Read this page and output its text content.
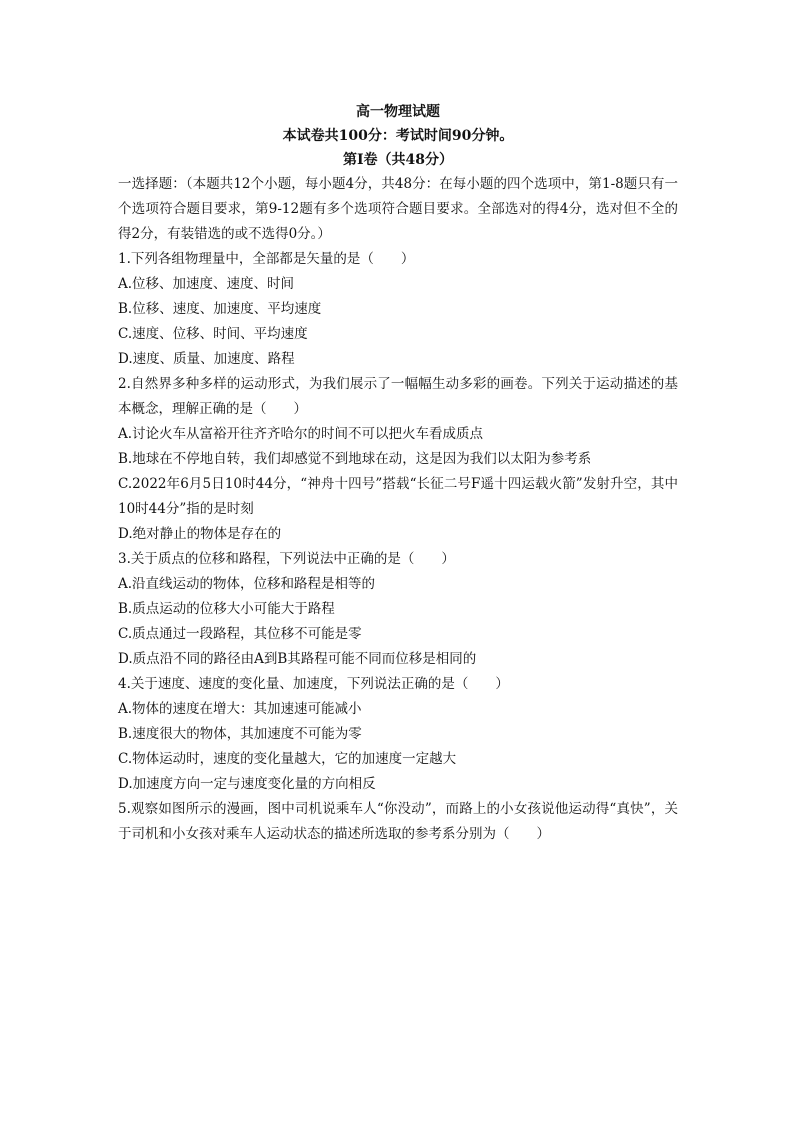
高一物理试题

本试卷共100分：考试时间90分钟。

第Ⅰ卷（共48分）

一选择题：（本题共12个小题，每小题4分，共48分：在每小题的四个选项中，第1-8题只有一个选项符合题目要求，第9-12题有多个选项符合题目要求。全部选对的得4分，选对但不全的得2分，有装错选的或不选得0分。）

1.下列各组物理量中，全部都是矢量的是（　　）

A.位移、加速度、速度、时间

B.位移、速度、加速度、平均速度

C.速度、位移、时间、平均速度

D.速度、质量、加速度、路程

2.自然界多种多样的运动形式，为我们展示了一幅幅生动多彩的画卷。下列关于运动描述的基本概念，理解正确的是（　　）

A.讨论火车从富裕开往齐齐哈尔的时间不可以把火车看成质点

B.地球在不停地自转，我们却感觉不到地球在动，这是因为我们以太阳为参考系

C.2022年6月5日10时44分，“神舟十四号”搭载“长征二号F遥十四运载火箭”发射升空，其中10时44分”指的是时刻

D.绝对静止的物体是存在的

3.关于质点的位移和路程，下列说法中正确的是（　　）

A.沿直线运动的物体，位移和路程是相等的

B.质点运动的位移大小可能大于路程

C.质点通过一段路程，其位移不可能是零

D.质点沿不同的路径由A到B其路程可能不同而位移是相同的

4.关于速度、速度的变化量、加速度，下列说法正确的是（　　）

A.物体的速度在增大：其加速速可能减小

B.速度很大的物体，其加速度不可能为零

C.物体运动时，速度的变化量越大，它的加速度一定越大

D.加速度方向一定与速度变化量的方向相反

5.观察如图所示的漫画，图中司机说乘车人“你没动”，而路上的小女孩说他运动得“真快”，关于司机和小女孩对乘车人运动状态的描述所选取的参考系分别为（　　）
